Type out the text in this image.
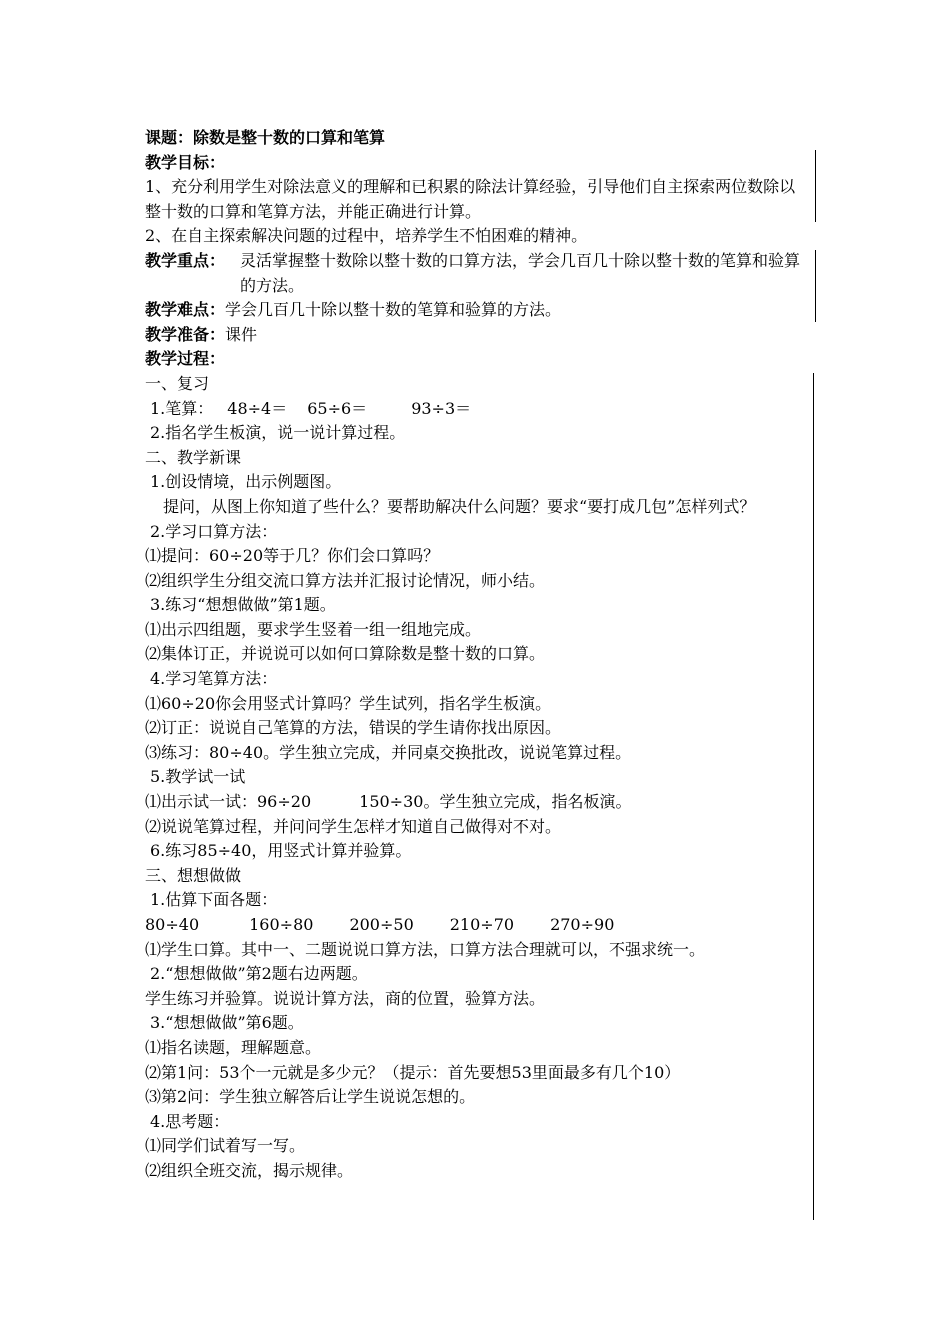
课题：除数是整十数的口算和笔算
教学目标：
1、充分利用学生对除法意义的理解和已积累的除法计算经验，引导他们自主探索两位数除以整十数的口算和笔算方法，并能正确进行计算。
2、在自主探索解决问题的过程中，培养学生不怕困难的精神。
教学重点： 灵活掌握整十数除以整十数的口算方法，学会几百几十除以整十数的笔算和验算的方法。
教学难点：学会几百几十除以整十数的笔算和验算的方法。
教学准备：课件
教学过程：
一、复习
1.笔算： 48÷4＝ 65÷6＝	93÷3＝
2.指名学生板演，说一说计算过程。
二、教学新课
1.创设情境，出示例题图。
提问，从图上你知道了些什么？要帮助解决什么问题？要求“要打成几包”怎样列式？
2.学习口算方法：
⑴提问：60÷20等于几？你们会口算吗？
⑵组织学生分组交流口算方法并汇报讨论情况，师小结。
3.练习“想想做做”第1题。
⑴出示四组题，要求学生竖着一组一组地完成。
⑵集体订正，并说说可以如何口算除数是整十数的口算。
4.学习笔算方法：
⑴60÷20你会用竖式计算吗？学生试列，指名学生板演。
⑵订正：说说自己笔算的方法，错误的学生请你找出原因。
⑶练习：80÷40。学生独立完成，并同桌交换批改，说说笔算过程。
5.教学试一试
⑴出示试一试：96÷20	150÷30。学生独立完成，指名板演。
⑵说说笔算过程，并问问学生怎样才知道自己做得对不对。
6.练习85÷40，用竖式计算并验算。
三、想想做做
1.估算下面各题：
80÷40	160÷80 200÷50 210÷70 270÷90
⑴学生口算。其中一、二题说说口算方法，口算方法合理就可以，不强求统一。
2.“想想做做”第2题右边两题。
学生练习并验算。说说计算方法，商的位置，验算方法。
3.“想想做做”第6题。
⑴指名读题，理解题意。
⑵第1问：53个一元就是多少元？（提示：首先要想53里面最多有几个10）
⑶第2问：学生独立解答后让学生说说怎想的。
4.思考题：
⑴同学们试着写一写。
⑵组织全班交流，揭示规律。
